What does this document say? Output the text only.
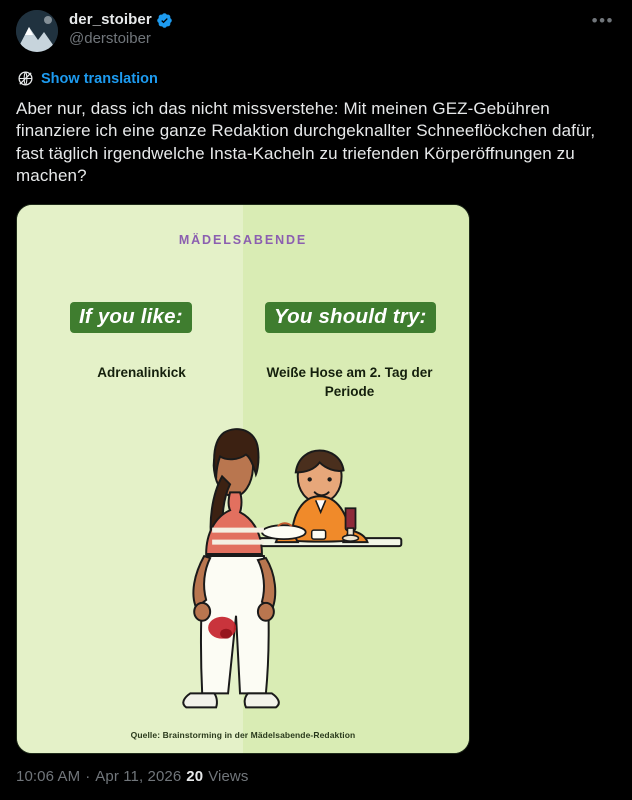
der_stoiber
@derstoiber
•••
Show translation
Aber nur, dass ich das nicht missverstehe: Mit meinen GEZ-Gebühren finanziere ich eine ganze Redaktion durchgeknallter Schneeflöckchen dafür, fast täglich irgendwelche Insta-Kacheln zu triefenden Körperöffnungen zu machen?
MÄDELSABENDE
If you like:	You should try:
Adrenalinkick	Weiße Hose am 2. Tag der Periode
Quelle: Brainstorming in der Mädelsabende-Redaktion
10:06 AM · Apr 11, 2026 20 Views
